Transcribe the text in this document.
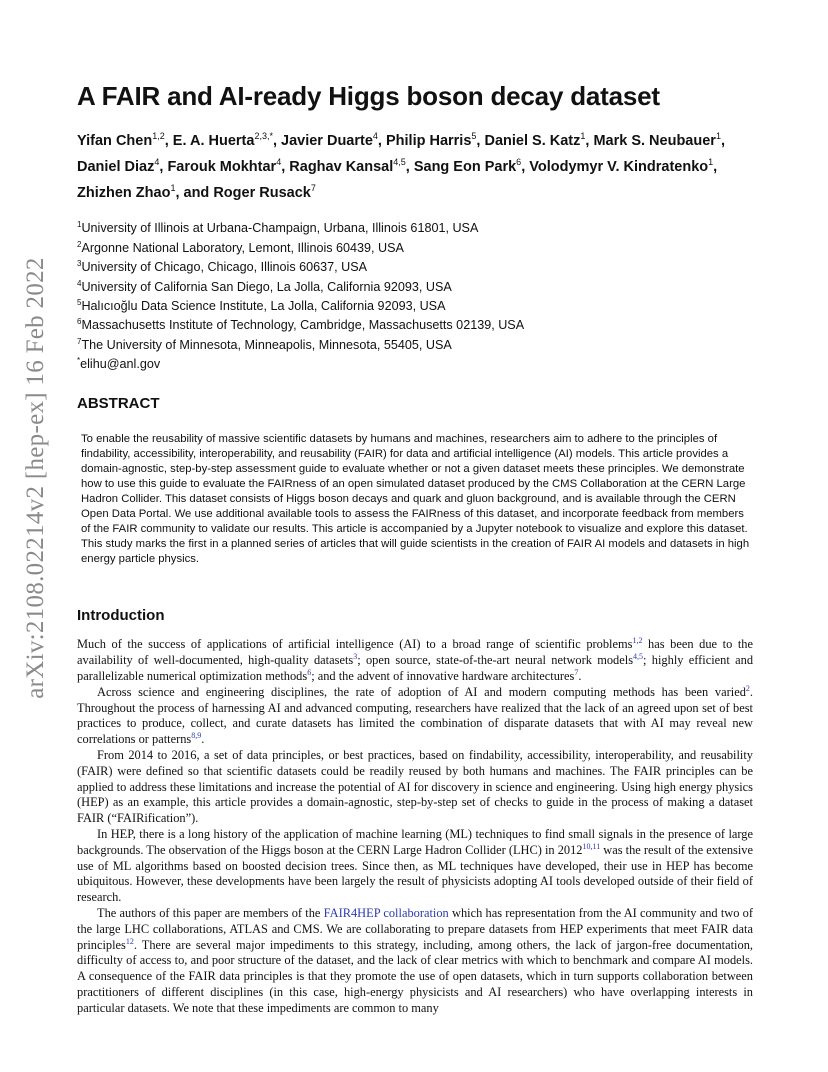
arXiv:2108.02214v2 [hep-ex] 16 Feb 2022
A FAIR and AI-ready Higgs boson decay dataset
Yifan Chen$^{1,2}$, E. A. Huerta$^{2,3,*}$, Javier Duarte$^4$, Philip Harris$^5$, Daniel S. Katz$^1$, Mark S. Neubauer$^1$, Daniel Diaz$^4$, Farouk Mokhtar$^4$, Raghav Kansal$^{4,5}$, Sang Eon Park$^6$, Volodymyr V. Kindratenko$^1$, Zhizhen Zhao$^1$, and Roger Rusack$^7$
$^1$University of Illinois at Urbana-Champaign, Urbana, Illinois 61801, USA
$^2$Argonne National Laboratory, Lemont, Illinois 60439, USA
$^3$University of Chicago, Chicago, Illinois 60637, USA
$^4$University of California San Diego, La Jolla, California 92093, USA
$^5$Halıcıoğlu Data Science Institute, La Jolla, California 92093, USA
$^6$Massachusetts Institute of Technology, Cambridge, Massachusetts 02139, USA
$^7$The University of Minnesota, Minneapolis, Minnesota, 55405, USA
*elihu@anl.gov
ABSTRACT

To enable the reusability of massive scientific datasets by humans and machines, researchers aim to adhere to the principles of findability, accessibility, interoperability, and reusability (FAIR) for data and artificial intelligence (AI) models. This article provides a domain-agnostic, step-by-step assessment guide to evaluate whether or not a given dataset meets these principles. We demonstrate how to use this guide to evaluate the FAIRness of an open simulated dataset produced by the CMS Collaboration at the CERN Large Hadron Collider. This dataset consists of Higgs boson decays and quark and gluon background, and is available through the CERN Open Data Portal. We use additional available tools to assess the FAIRness of this dataset, and incorporate feedback from members of the FAIR community to validate our results. This article is accompanied by a Jupyter notebook to visualize and explore this dataset. This study marks the first in a planned series of articles that will guide scientists in the creation of FAIR AI models and datasets in high energy particle physics.

Introduction

Much of the success of applications of artificial intelligence (AI) to a broad range of scientific problems$^{1,2}$ has been due to the availability of well-documented, high-quality datasets$^3$; open source, state-of-the-art neural network models$^{4,5}$; highly efficient and parallelizable numerical optimization methods$^6$; and the advent of innovative hardware architectures$^7$.

Across science and engineering disciplines, the rate of adoption of AI and modern computing methods has been varied$^2$. Throughout the process of harnessing AI and advanced computing, researchers have realized that the lack of an agreed upon set of best practices to produce, collect, and curate datasets has limited the combination of disparate datasets that with AI may reveal new correlations or patterns$^{8,9}$.

From 2014 to 2016, a set of data principles, or best practices, based on findability, accessibility, interoperability, and reusability (FAIR) were defined so that scientific datasets could be readily reused by both humans and machines. The FAIR principles can be applied to address these limitations and increase the potential of AI for discovery in science and engineering. Using high energy physics (HEP) as an example, this article provides a domain-agnostic, step-by-step set of checks to guide in the process of making a dataset FAIR (“FAIRification”).

In HEP, there is a long history of the application of machine learning (ML) techniques to find small signals in the presence of large backgrounds. The observation of the Higgs boson at the CERN Large Hadron Collider (LHC) in 2012$^{10,11}$ was the result of the extensive use of ML algorithms based on boosted decision trees. Since then, as ML techniques have developed, their use in HEP has become ubiquitous. However, these developments have been largely the result of physicists adopting AI tools developed outside of their field of research.

The authors of this paper are members of the FAIR4HEP collaboration which has representation from the AI community and two of the large LHC collaborations, ATLAS and CMS. We are collaborating to prepare datasets from HEP experiments that meet FAIR data principles$^{12}$. There are several major impediments to this strategy, including, among others, the lack of jargon-free documentation, difficulty of access to, and poor structure of the dataset, and the lack of clear metrics with which to benchmark and compare AI models. A consequence of the FAIR data principles is that they promote the use of open datasets, which in turn supports collaboration between practitioners of different disciplines (in this case, high-energy physicists and AI researchers) who have overlapping interests in particular datasets. We note that these impediments are common to many
